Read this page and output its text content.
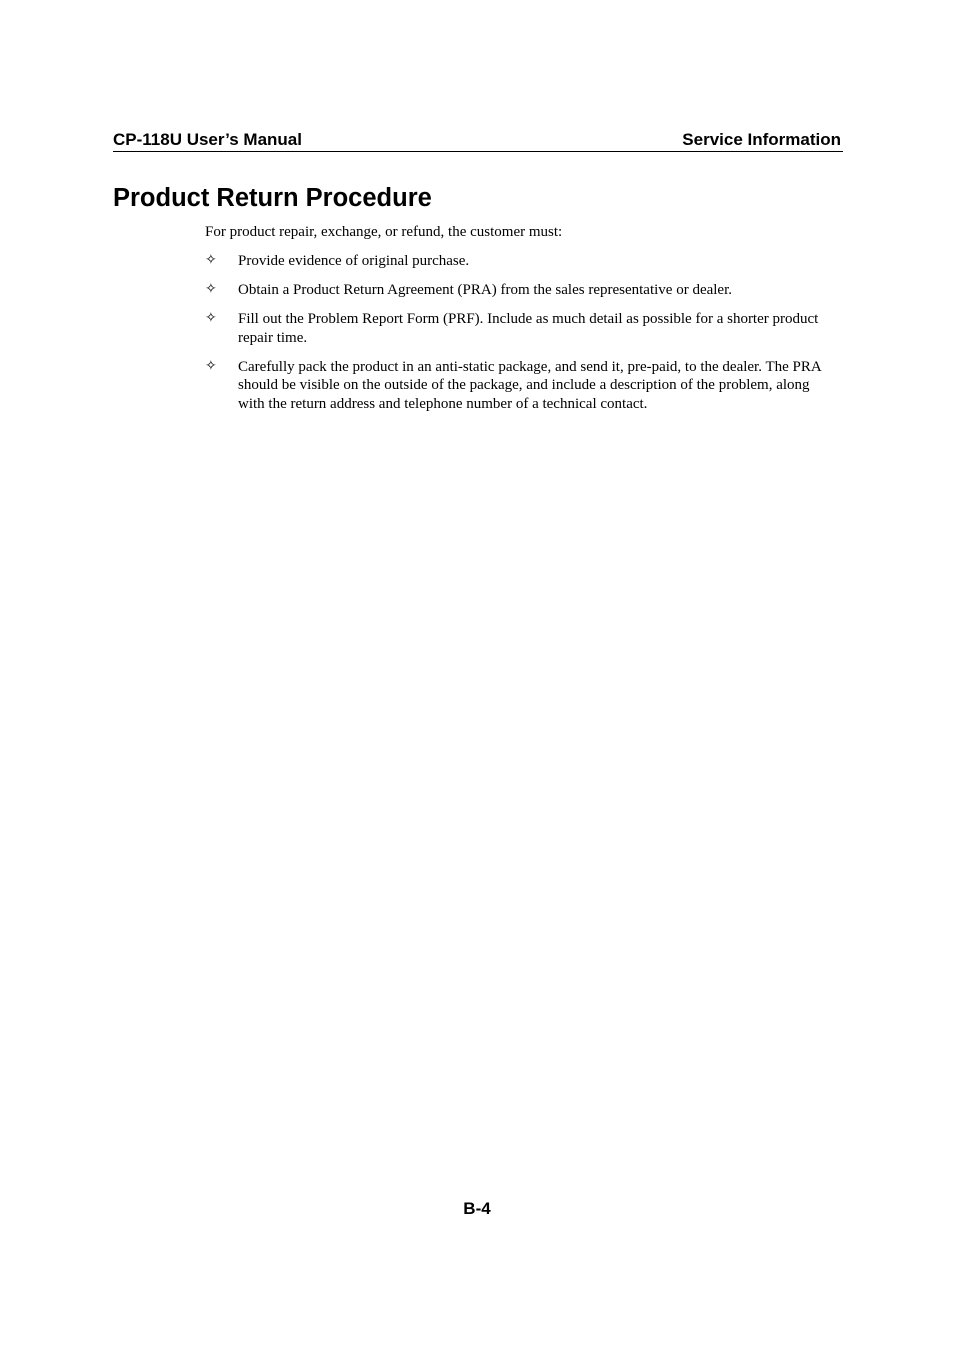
CP-118U User’s Manual	Service Information
Product Return Procedure
For product repair, exchange, or refund, the customer must:
✧ Provide evidence of original purchase.
✧ Obtain a Product Return Agreement (PRA) from the sales representative or dealer.
✧ Fill out the Problem Report Form (PRF). Include as much detail as possible for a shorter product repair time.
✧ Carefully pack the product in an anti-static package, and send it, pre-paid, to the dealer. The PRA should be visible on the outside of the package, and include a description of the problem, along with the return address and telephone number of a technical contact.
B-4
